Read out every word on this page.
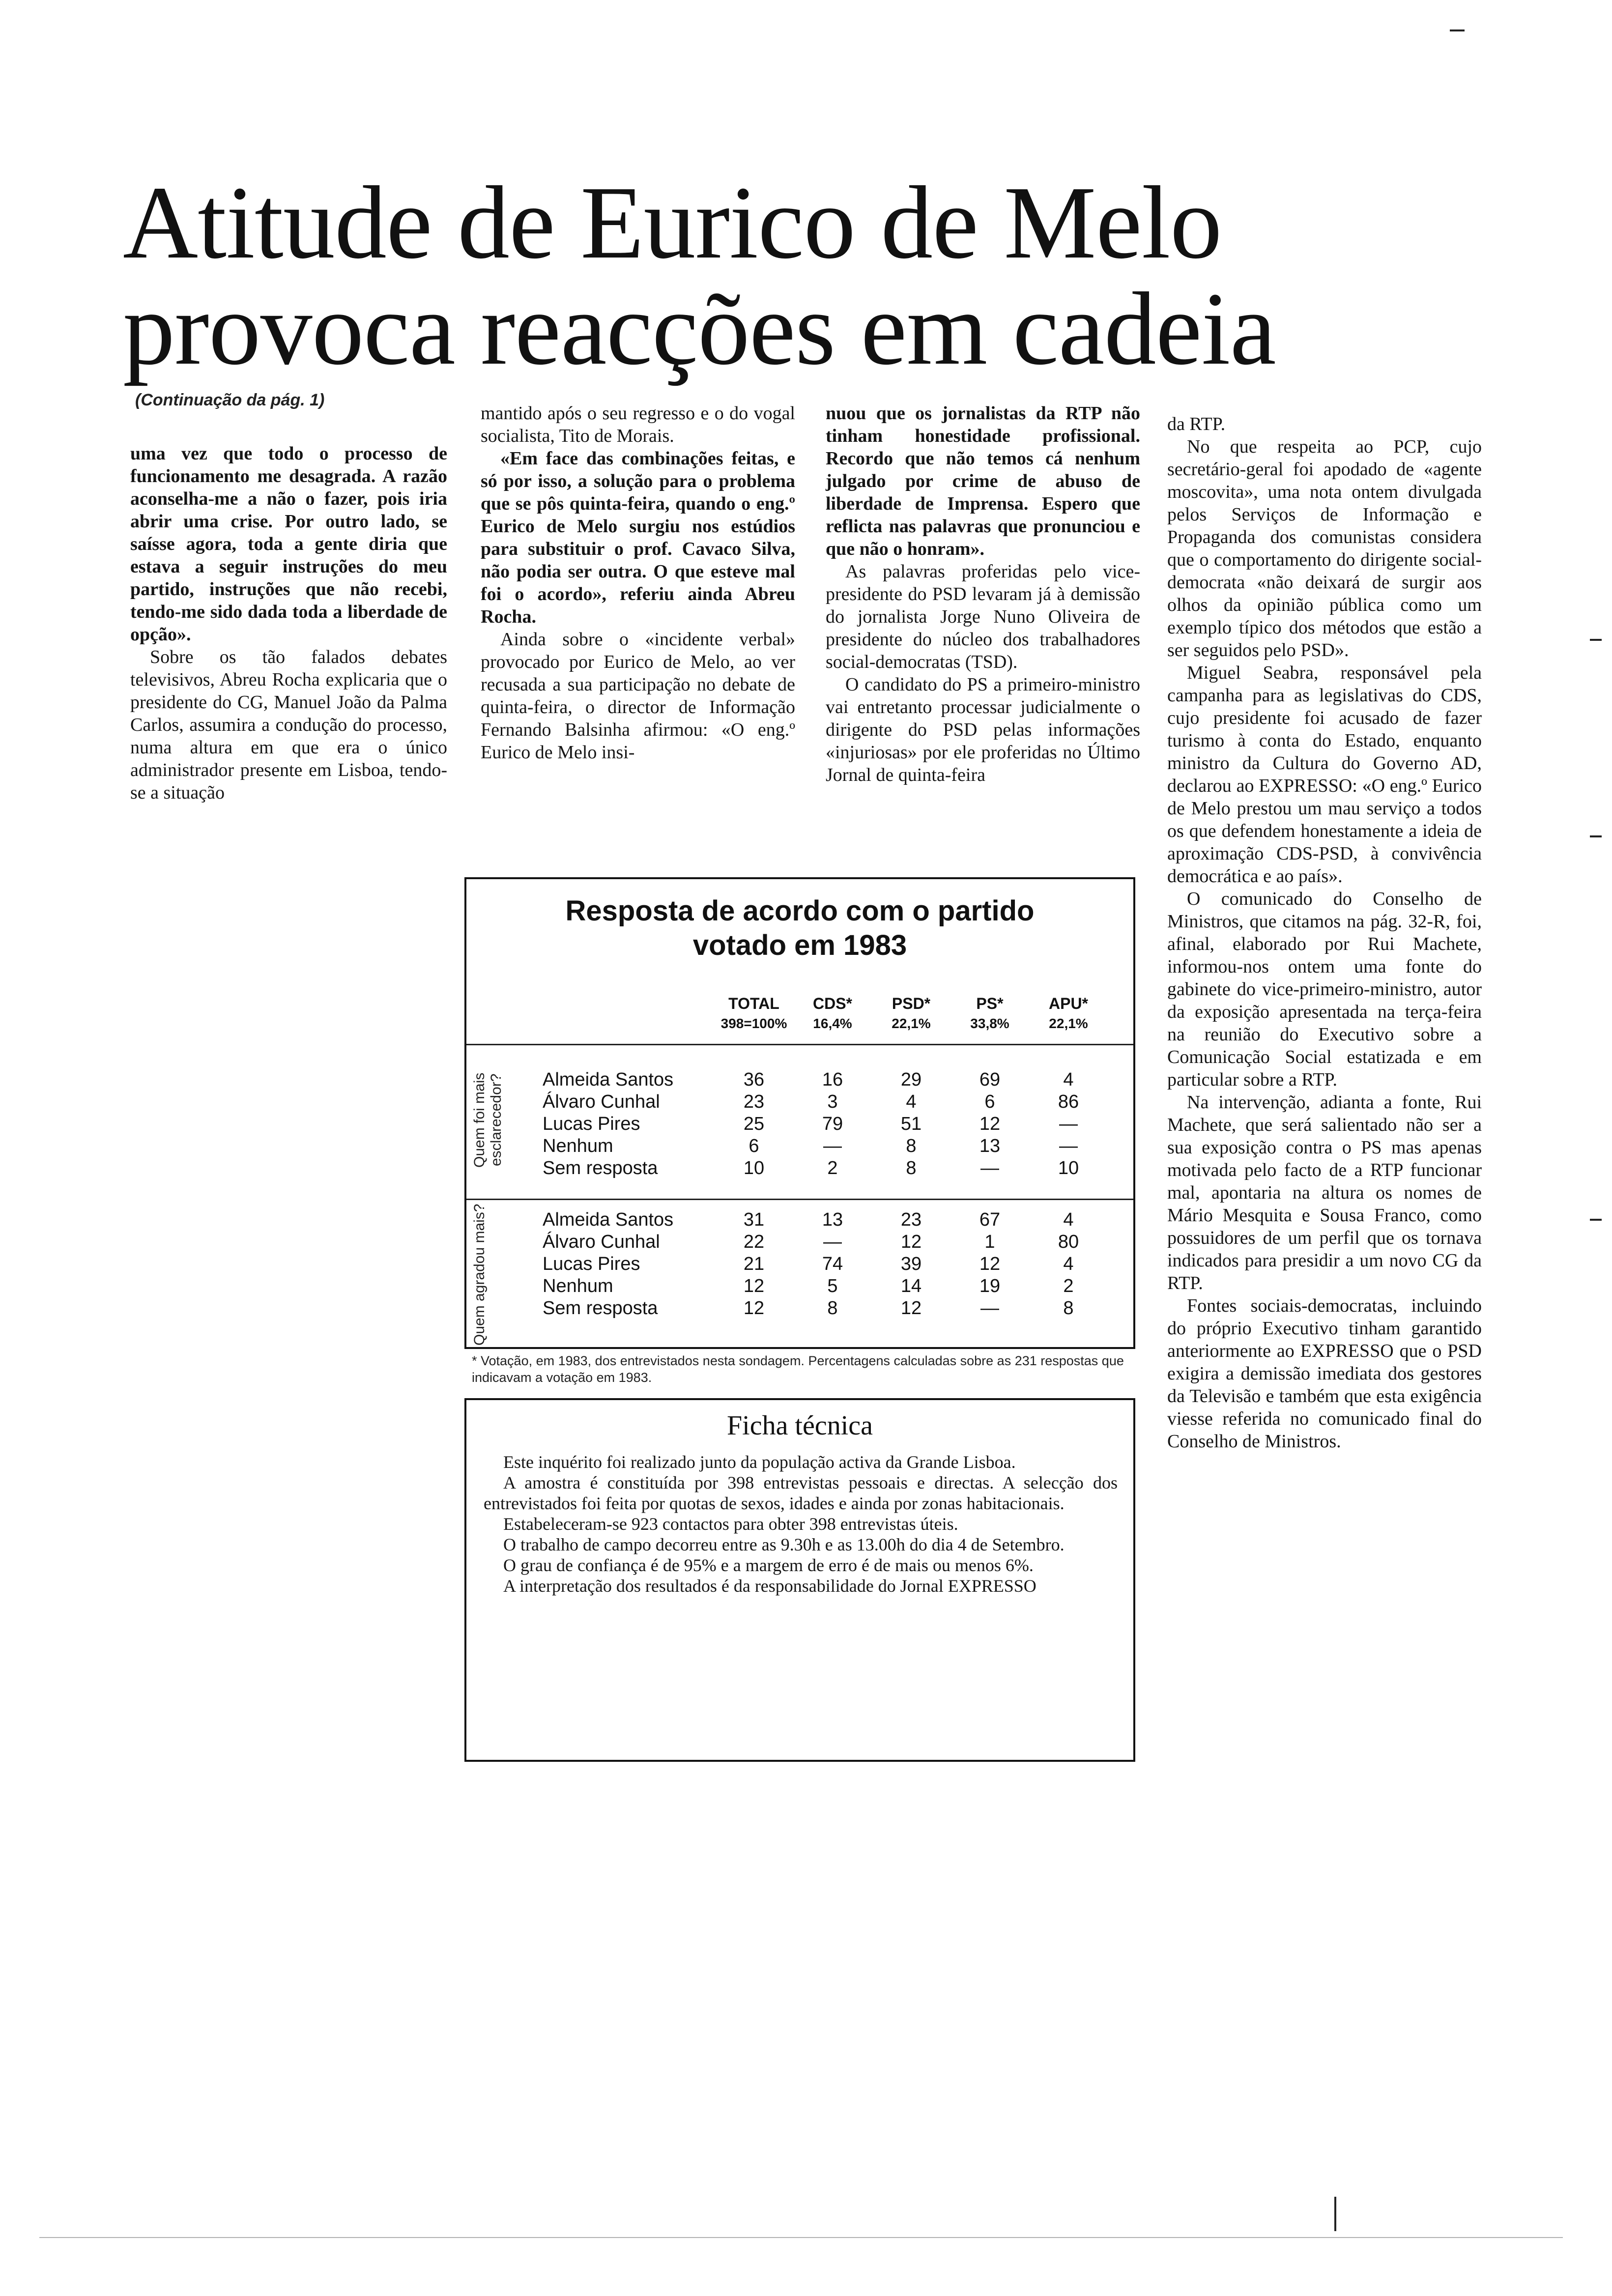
Atitude de Eurico de Melo
provoca reacções em cadeia
(Continuação da pág. 1)

uma vez que todo o processo de funcionamento me desagrada. A razão aconselha-me a não o fazer, pois iria abrir uma crise. Por outro lado, se saísse agora, toda a gente diria que estava a seguir instruções do meu partido, instruções que não recebi, tendo-me sido dada toda a liberdade de opção».

Sobre os tão falados debates televisivos, Abreu Rocha explicaria que o presidente do CG, Manuel João da Palma Carlos, assumira a condução do processo, numa altura em que era o único administrador presente em Lisboa, tendo-se a situação

mantido após o seu regresso e o do vogal socialista, Tito de Morais.

«Em face das combinações feitas, e só por isso, a solução para o problema que se pôs quinta-feira, quando o eng.º Eurico de Melo surgiu nos estúdios para substituir o prof. Cavaco Silva, não podia ser outra. O que esteve mal foi o acordo», referiu ainda Abreu Rocha.

Ainda sobre o «incidente verbal» provocado por Eurico de Melo, ao ver recusada a sua participação no debate de quinta-feira, o director de Informação Fernando Balsinha afirmou: «O eng.º Eurico de Melo insi-

nuou que os jornalistas da RTP não tinham honestidade profissional. Recordo que não temos cá nenhum julgado por crime de abuso de liberdade de Imprensa. Espero que reflicta nas palavras que pronunciou e que não o honram».

As palavras proferidas pelo vice-presidente do PSD levaram já à demissão do jornalista Jorge Nuno Oliveira de presidente do núcleo dos trabalhadores social-democratas (TSD).

O candidato do PS a primeiro-ministro vai entretanto processar judicialmente o dirigente do PSD pelas informações «injuriosas» por ele proferidas no Último Jornal de quinta-feira

da RTP.

No que respeita ao PCP, cujo secretário-geral foi apodado de «agente moscovita», uma nota ontem divulgada pelos Serviços de Informação e Propaganda dos comunistas considera que o comportamento do dirigente social-democrata «não deixará de surgir aos olhos da opinião pública como um exemplo típico dos métodos que estão a ser seguidos pelo PSD».

Miguel Seabra, responsável pela campanha para as legislativas do CDS, cujo presidente foi acusado de fazer turismo à conta do Estado, enquanto ministro da Cultura do Governo AD, declarou ao EXPRESSO: «O eng.º Eurico de Melo prestou um mau serviço a todos os que defendem honestamente a ideia de aproximação CDS-PSD, à convivência democrática e ao país».

O comunicado do Conselho de Ministros, que citamos na pág. 32-R, foi, afinal, elaborado por Rui Machete, informou-nos ontem uma fonte do gabinete do vice-primeiro-ministro, autor da exposição apresentada na terça-feira na reunião do Executivo sobre a Comunicação Social estatizada e em particular sobre a RTP.

Na intervenção, adianta a fonte, Rui Machete, que será salientado não ser a sua exposição contra o PS mas apenas motivada pelo facto de a RTP funcionar mal, apontaria na altura os nomes de Mário Mesquita e Sousa Franco, como possuidores de um perfil que os tornava indicados para presidir a um novo CG da RTP.

Fontes sociais-democratas, incluindo do próprio Executivo tinham garantido anteriormente ao EXPRESSO que o PSD exigira a demissão imediata dos gestores da Televisão e também que esta exigência viesse referida no comunicado final do Conselho de Ministros.

Resposta de acordo com o partido
votado em 1983
TOTAL	CDS*	PSD*	PS*	APU*
398=100%	16,4%	22,1%	33,8%	22,1%
Quem foi mais esclarecedor? Almeida Santos	36	16	29	69	4
Álvaro Cunhal	23	3	4	6	86
Lucas Pires	25	79	51	12	—
Nenhum	6	—	8	13	—
Sem resposta	10	2	8	—	10
Quem agradou mais?	Almeida Santos	31	13	23	67	4
Álvaro Cunhal	22	—	12	1	80
Lucas Pires	21	74	39	12	4
Nenhum	12	5	14	19	2
Sem resposta	12	8	12	—	8
* Votação, em 1983, dos entrevistados nesta sondagem. Percentagens calculadas sobre as 231 respostas que indicavam a votação em 1983.
Ficha técnica

Este inquérito foi realizado junto da população activa da Grande Lisboa.

A amostra é constituída por 398 entrevistas pessoais e directas. A selecção dos entrevistados foi feita por quotas de sexos, idades e ainda por zonas habitacionais.

Estabeleceram-se 923 contactos para obter 398 entrevistas úteis.

O trabalho de campo decorreu entre as 9.30h e as 13.00h do dia 4 de Setembro.

O grau de confiança é de 95% e a margem de erro é de mais ou menos 6%.

A interpretação dos resultados é da responsabilidade do Jornal EXPRESSO
